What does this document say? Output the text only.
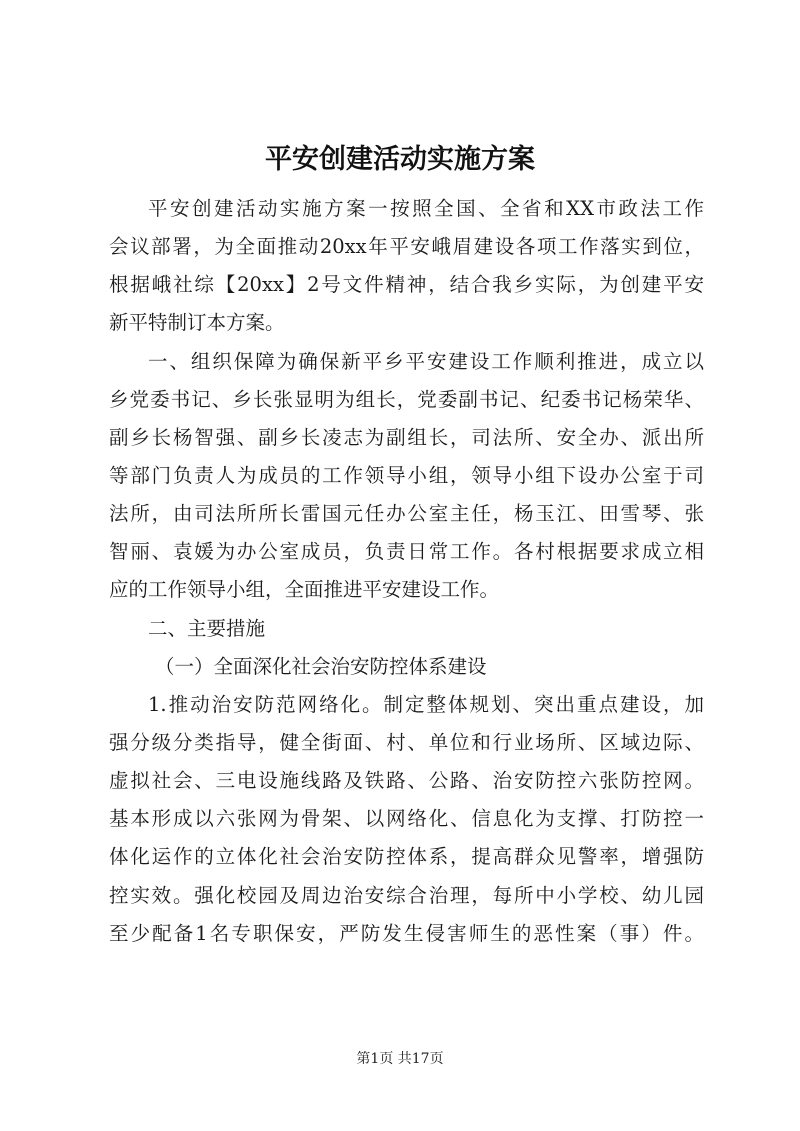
平安创建活动实施方案
平安创建活动实施方案一按照全国、全省和XX市政法工作
会议部署，为全面推动20xx年平安峨眉建设各项工作落实到位，
根据峨社综【20xx】2号文件精神，结合我乡实际，为创建平安
新平特制订本方案。
一、组织保障为确保新平乡平安建设工作顺利推进，成立以
乡党委书记、乡长张显明为组长，党委副书记、纪委书记杨荣华、
副乡长杨智强、副乡长凌志为副组长，司法所、安全办、派出所
等部门负责人为成员的工作领导小组，领导小组下设办公室于司
法所，由司法所所长雷国元任办公室主任，杨玉江、田雪琴、张
智丽、袁媛为办公室成员，负责日常工作。各村根据要求成立相
应的工作领导小组，全面推进平安建设工作。
二、主要措施
（一）全面深化社会治安防控体系建设
1.推动治安防范网络化。制定整体规划、突出重点建设，加
强分级分类指导，健全街面、村、单位和行业场所、区域边际、
虚拟社会、三电设施线路及铁路、公路、治安防控六张防控网。
基本形成以六张网为骨架、以网络化、信息化为支撑、打防控一
体化运作的立体化社会治安防控体系，提高群众见警率，增强防
控实效。强化校园及周边治安综合治理，每所中小学校、幼儿园
至少配备1名专职保安，严防发生侵害师生的恶性案（事）件。
第1页 共17页
